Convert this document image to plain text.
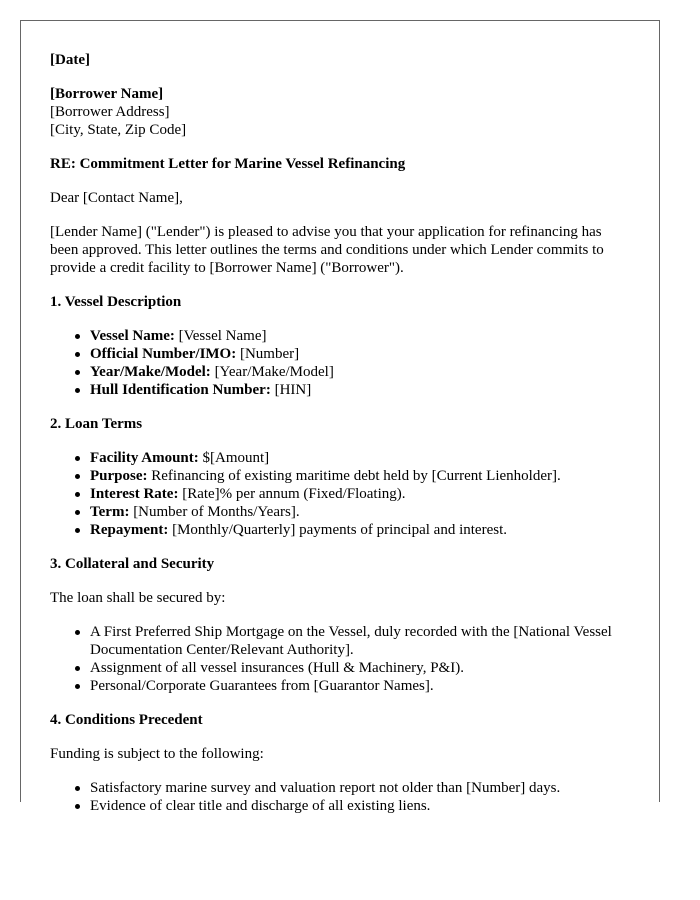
[Date]

[Borrower Name]

[Borrower Address]

[City, State, Zip Code]

RE: Commitment Letter for Marine Vessel Refinancing

Dear [Contact Name],

[Lender Name] ("Lender") is pleased to advise you that your application for refinancing has been approved. This letter outlines the terms and conditions under which Lender commits to provide a credit facility to [Borrower Name] ("Borrower").

1. Vessel Description

Vessel Name: [Vessel Name]
Official Number/IMO: [Number]
Year/Make/Model: [Year/Make/Model]
Hull Identification Number: [HIN]

2. Loan Terms

Facility Amount: $[Amount]
Purpose: Refinancing of existing maritime debt held by [Current Lienholder].
Interest Rate: [Rate]% per annum (Fixed/Floating).
Term: [Number of Months/Years].
Repayment: [Monthly/Quarterly] payments of principal and interest.

3. Collateral and Security

The loan shall be secured by:

A First Preferred Ship Mortgage on the Vessel, duly recorded with the [National Vessel Documentation Center/Relevant Authority].
Assignment of all vessel insurances (Hull & Machinery, P&I).
Personal/Corporate Guarantees from [Guarantor Names].

4. Conditions Precedent

Funding is subject to the following:

Satisfactory marine survey and valuation report not older than [Number] days.
Evidence of clear title and discharge of all existing liens.
